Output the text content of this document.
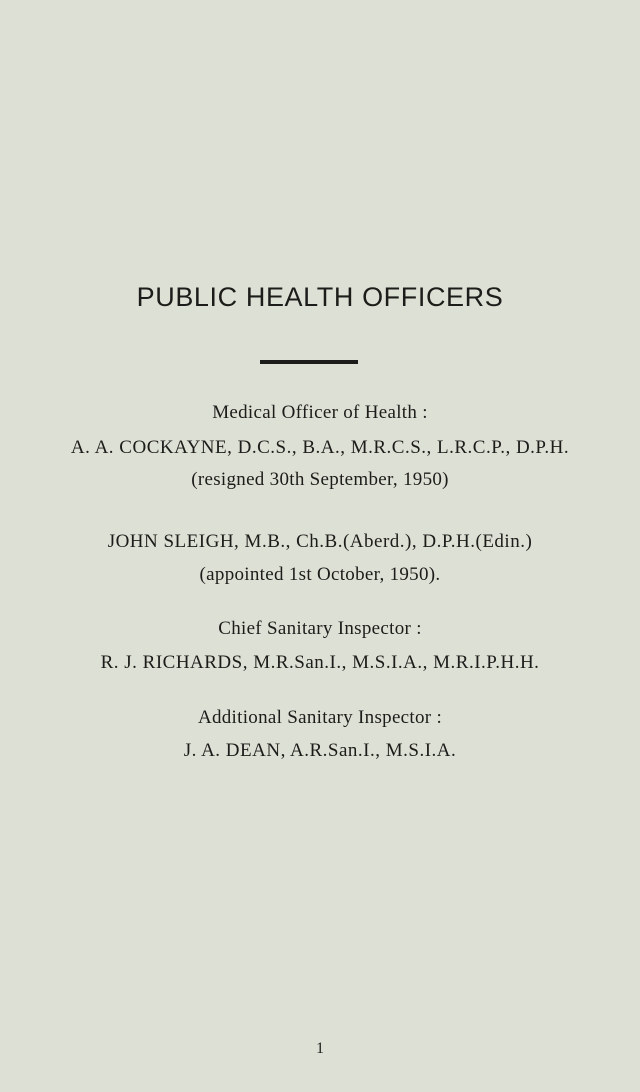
PUBLIC HEALTH OFFICERS
Medical Officer of Health :
A. A. COCKAYNE, D.C.S., B.A., M.R.C.S., L.R.C.P., D.P.H.
(resigned 30th September, 1950)
JOHN SLEIGH, M.B., Ch.B.(Aberd.), D.P.H.(Edin.)
(appointed 1st October, 1950).
Chief Sanitary Inspector :
R. J. RICHARDS, M.R.San.I., M.S.I.A., M.R.I.P.H.H.
Additional Sanitary Inspector :
J. A. DEAN, A.R.San.I., M.S.I.A.
1
